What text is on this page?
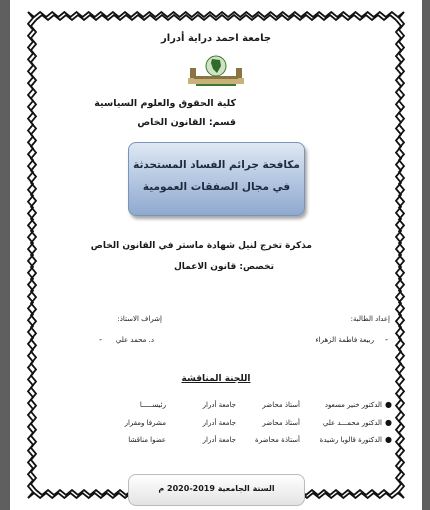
جامعة احمد دراية أدرار
كلية الحقوق والعلوم السياسية
قسم: القانون الخاص
مكافحة جرائم الفساد المستحدثة
في مجال الصفقات العمومية
مذكرة تخرج لنيل شهادة ماستر في القانون الخاص
تخصص: قانون الاعمال
إعداد الطالبة:
ربيعة فاطمة الزهراء -
إشراف الاستاذ:
د. محمد علي
-
اللجنة المناقشة
●
الدكتور خنير مسعود
أستاذ محاضر
جامعة أدرار
رئيســـــا
●
الدكتور محمـــد علي
أستاذ محاضر
جامعة أدرار
مشرفا ومقرار
●
الدكتورة قالوبا رشيدة
أستاذة محاضرة
جامعة أدرار
عضوا مناقشا
السنة الجامعية 2019-2020 م
